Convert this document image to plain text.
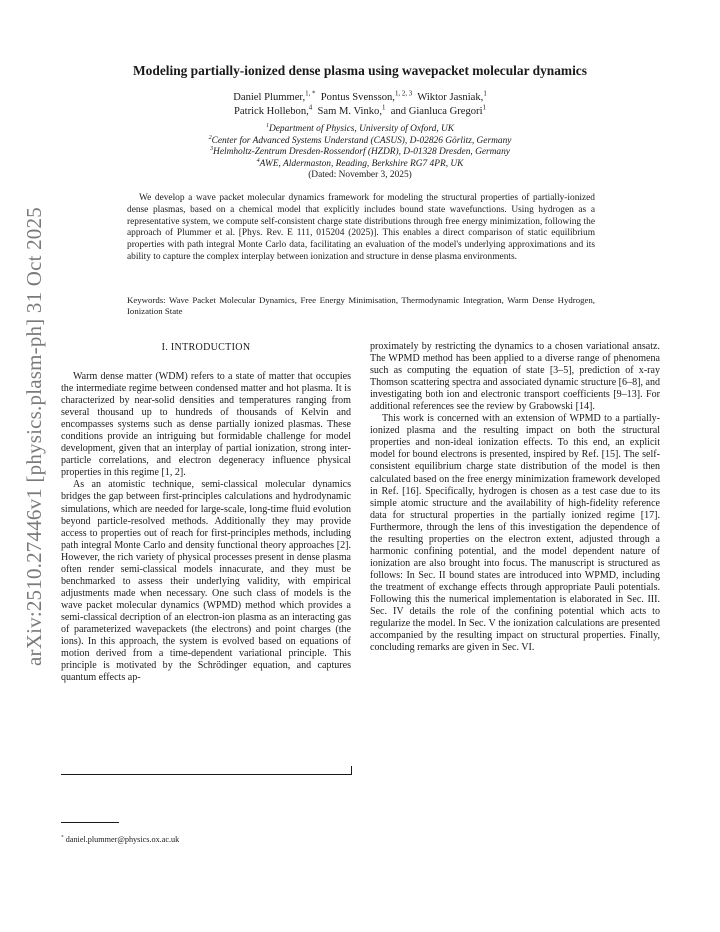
arXiv:2510.27446v1 [physics.plasm-ph] 31 Oct 2025
Modeling partially-ionized dense plasma using wavepacket molecular dynamics
Daniel Plummer,$^{1, *}$ Pontus Svensson,$^{1, 2, 3}$ Wiktor Jasniak,$^1$
Patrick Hollebon,$^4$ Sam M. Vinko,$^1$ and Gianluca Gregori$^1$
$^1$Department of Physics, University of Oxford, UK
$^2$Center for Advanced Systems Understand (CASUS), D-02826 Görlitz, Germany
$^3$Helmholtz-Zentrum Dresden-Rossendorf (HZDR), D-01328 Dresden, Germany
$^4$AWE, Aldermaston, Reading, Berkshire RG7 4PR, UK
(Dated: November 3, 2025)

We develop a wave packet molecular dynamics framework for modeling the structural properties of partially-ionized dense plasmas, based on a chemical model that explicitly includes bound state wavefunctions. Using hydrogen as a representative system, we compute self-consistent charge state distributions through free energy minimization, following the approach of Plummer et al. [Phys. Rev. E 111, 015204 (2025)]. This enables a direct comparison of static equilibrium properties with path integral Monte Carlo data, facilitating an evaluation of the model's underlying approximations and its ability to capture the complex interplay between ionization and structure in dense plasma environments.

Keywords: Wave Packet Molecular Dynamics, Free Energy Minimisation, Thermodynamic Integration, Warm Dense Hydrogen, Ionization State

I. INTRODUCTION

Warm dense matter (WDM) refers to a state of matter that occupies the intermediate regime between condensed matter and hot plasma. It is characterized by near-solid densities and temperatures ranging from several thousand up to hundreds of thousands of Kelvin and encompasses systems such as dense partially ionized plasmas. These conditions provide an intriguing but formidable challenge for model development, given that an interplay of partial ionization, strong inter-particle correlations, and electron degeneracy influence physical properties in this regime [1, 2].

As an atomistic technique, semi-classical molecular dynamics bridges the gap between first-principles calculations and hydrodynamic simulations, which are needed for large-scale, long-time fluid evolution beyond particle-resolved methods. Additionally they may provide access to properties out of reach for first-principles methods, including path integral Monte Carlo and density functional theory approaches [2]. However, the rich variety of physical processes present in dense plasma often render semi-classical models innacurate, and they must be benchmarked to assess their underlying validity, with empirical adjustments made when necessary. One such class of models is the wave packet molecular dynamics (WPMD) method which provides a semi-classical decription of an electron-ion plasma as an interacting gas of parameterized wavepackets (the electrons) and point charges (the ions). In this approach, the system is evolved based on equations of motion derived from a time-dependent variational principle. This principle is motivated by the Schrödinger equation, and captures quantum effects ap-

proximately by restricting the dynamics to a chosen variational ansatz. The WPMD method has been applied to a diverse range of phenomena such as computing the equation of state [3–5], prediction of x-ray Thomson scattering spectra and associated dynamic structure [6–8], and investigating both ion and electronic transport coefficients [9–13]. For additional references see the review by Grabowski [14].

This work is concerned with an extension of WPMD to a partially-ionized plasma and the resulting impact on both the structural properties and non-ideal ionization effects. To this end, an explicit model for bound electrons is presented, inspired by Ref. [15]. The self-consistent equilibrium charge state distribution of the model is then calculated based on the free energy minimization framework developed in Ref. [16]. Specifically, hydrogen is chosen as a test case due to its simple atomic structure and the availability of high-fidelity reference data for structural properties in the partially ionized regime [17]. Furthermore, through the lens of this investigation the dependence of the resulting properties on the electron extent, adjusted through a harmonic confining potential, and the model dependent nature of ionization are also brought into focus. The manuscript is structured as follows: In Sec. II bound states are introduced into WPMD, including the treatment of exchange effects through appropriate Pauli potentials. Following this the numerical implementation is elaborated in Sec. III. Sec. IV details the role of the confining potential which acts to regularize the model. In Sec. V the ionization calculations are presented accompanied by the resulting impact on structural properties. Finally, concluding remarks are given in Sec. VI.

* daniel.plummer@physics.ox.ac.uk
